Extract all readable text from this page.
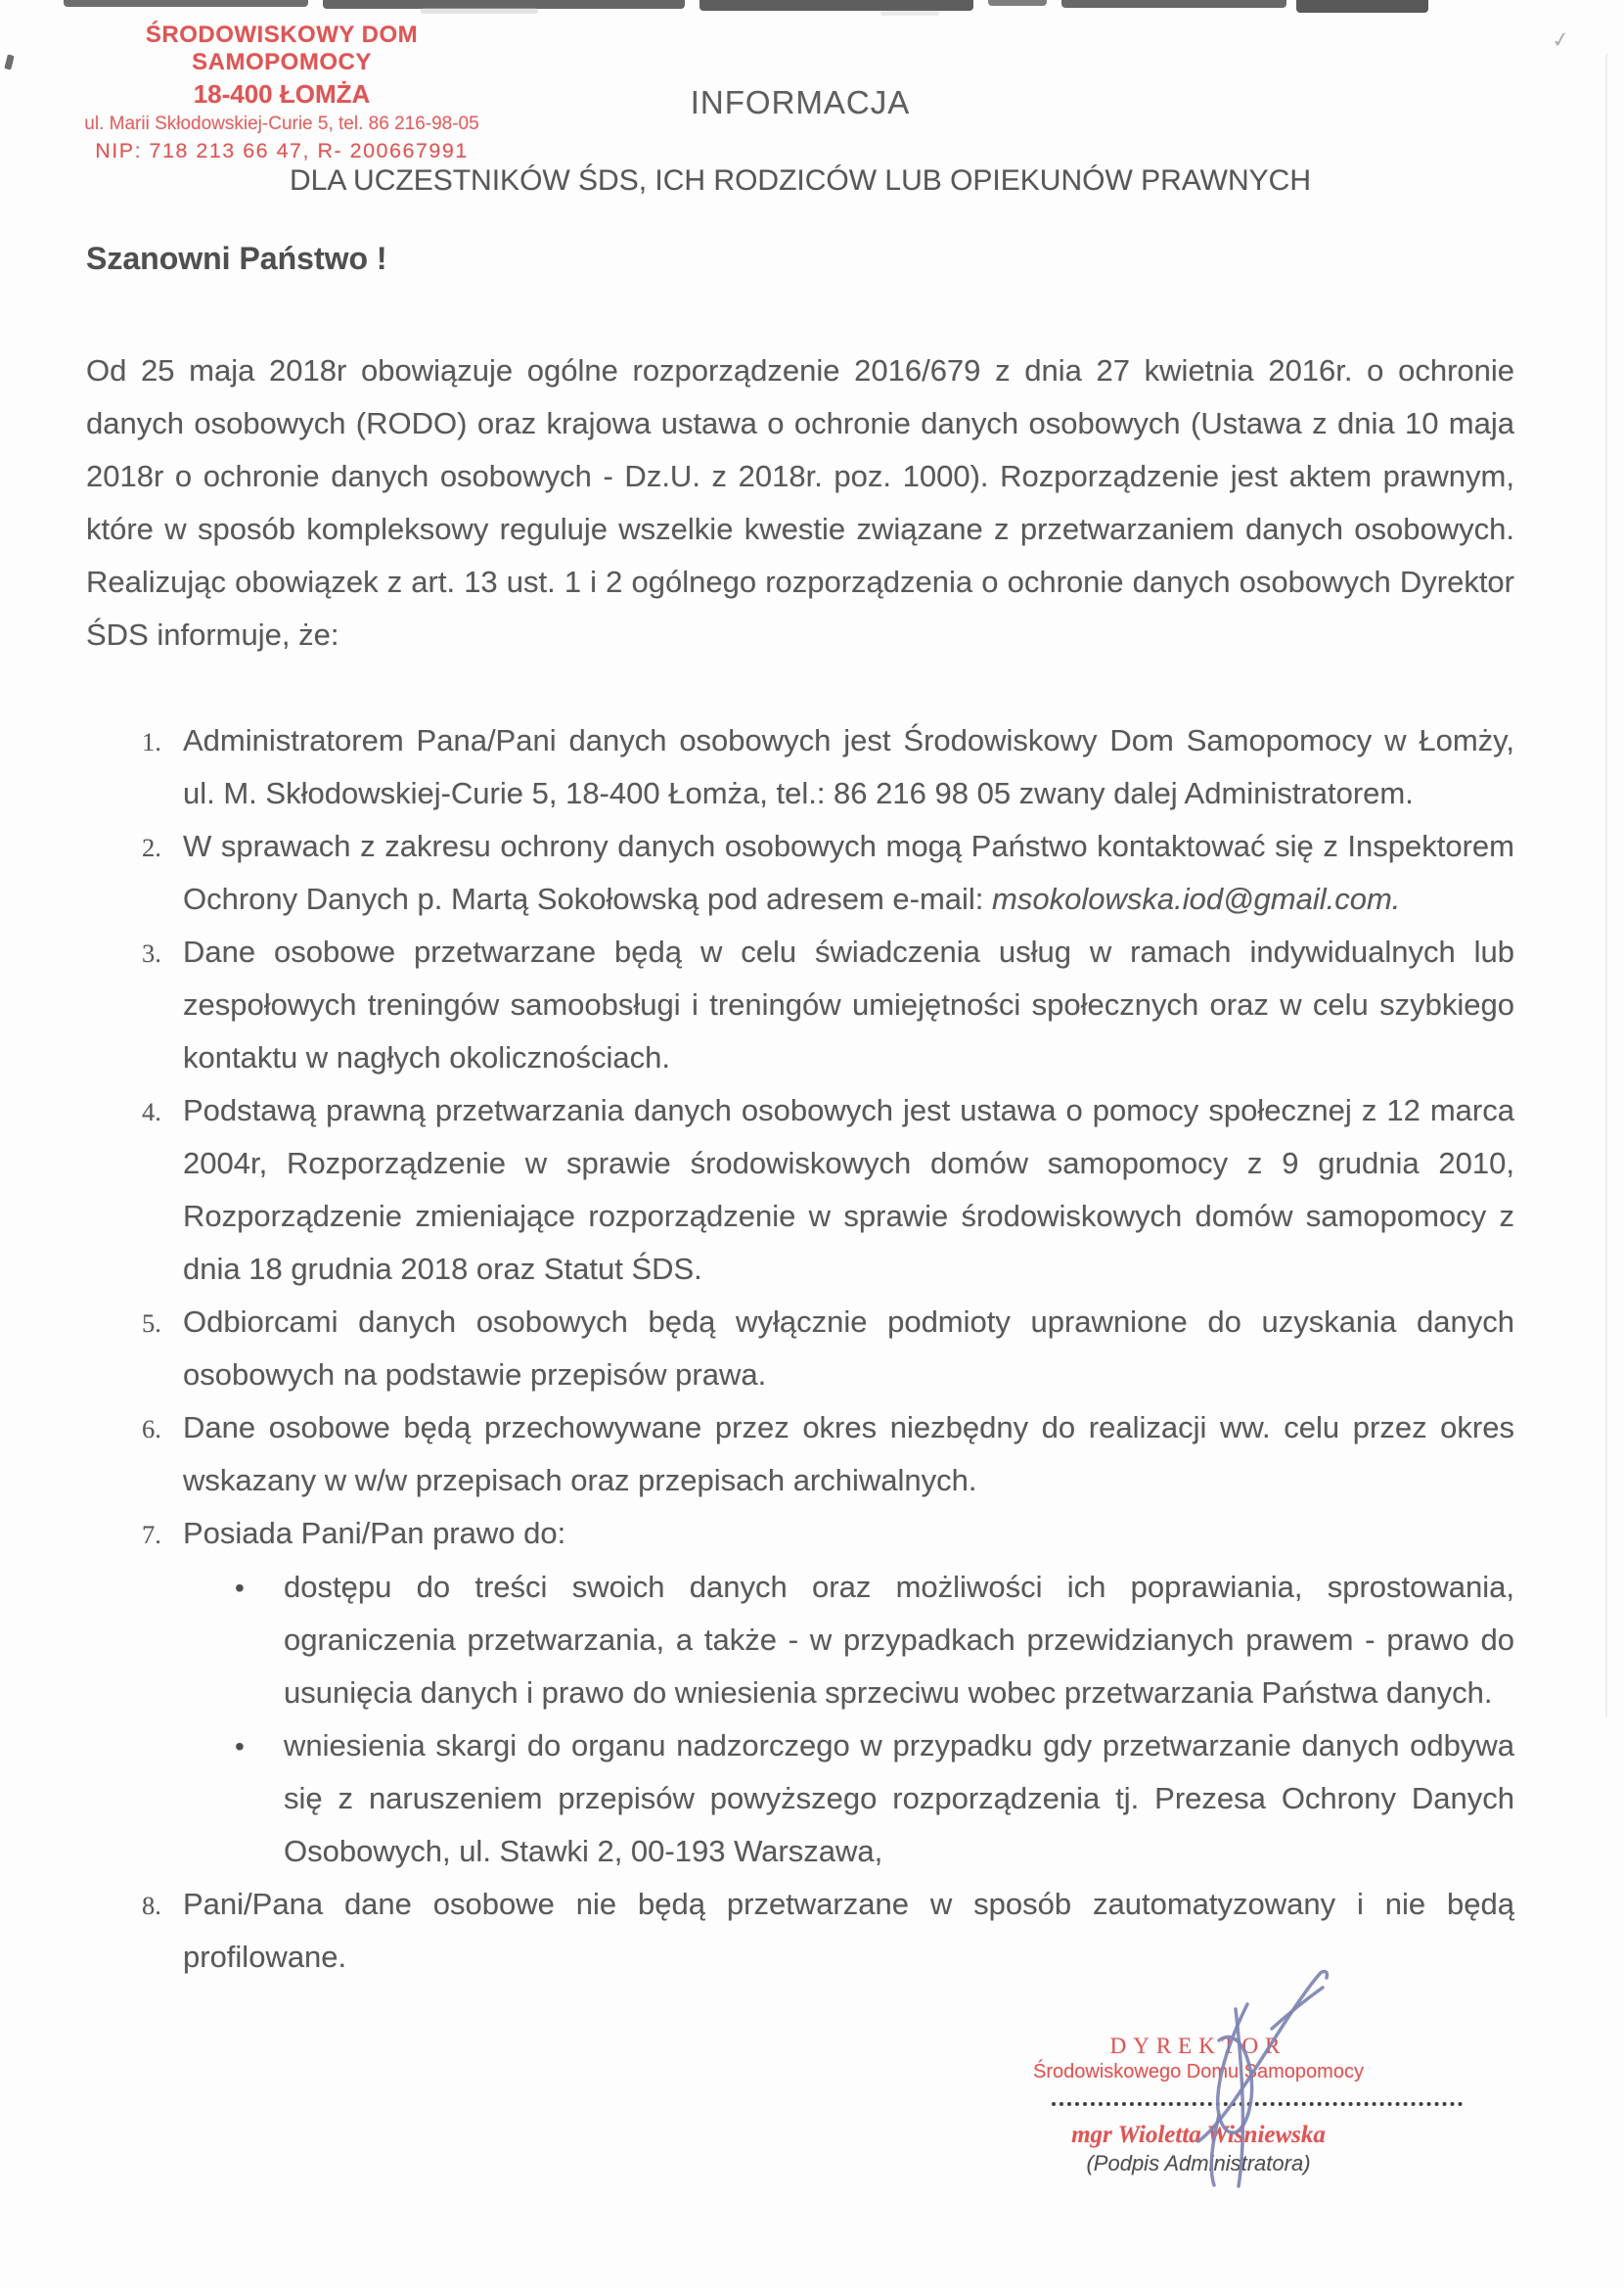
✓
ŚRODOWISKOWY DOM SAMOPOMOCY
18-400 ŁOMŻA
ul. Marii Skłodowskiej-Curie 5, tel. 86 216-98-05
NIP: 718 213 66 47, R- 200667991
INFORMACJA
DLA UCZESTNIKÓW ŚDS, ICH RODZICÓW LUB OPIEKUNÓW PRAWNYCH
Szanowni Państwo !
Od 25 maja 2018r obowiązuje ogólne rozporządzenie 2016/679 z dnia 27 kwietnia 2016r. o ochronie danych osobowych (RODO) oraz krajowa ustawa o ochronie danych osobowych (Ustawa z dnia 10 maja 2018r o ochronie danych osobowych - Dz.U. z 2018r. poz. 1000). Rozporządzenie jest aktem prawnym, które w sposób kompleksowy reguluje wszelkie kwestie związane z przetwarzaniem danych osobowych. Realizując obowiązek z art. 13 ust. 1 i 2 ogólnego rozporządzenia o ochronie danych osobowych Dyrektor ŚDS informuje, że:
1. Administratorem Pana/Pani danych osobowych jest Środowiskowy Dom Samopomocy w Łomży, ul. M. Skłodowskiej-Curie 5, 18-400 Łomża, tel.: 86 216 98 05 zwany dalej Administratorem.
2. W sprawach z zakresu ochrony danych osobowych mogą Państwo kontaktować się z Inspektorem Ochrony Danych p. Martą Sokołowską pod adresem e-mail: msokolowska.iod@gmail.com.
3. Dane osobowe przetwarzane będą w celu świadczenia usług w ramach indywidualnych lub zespołowych treningów samoobsługi i treningów umiejętności społecznych oraz w celu szybkiego kontaktu w nagłych okolicznościach.
4. Podstawą prawną przetwarzania danych osobowych jest ustawa o pomocy społecznej z 12 marca 2004r, Rozporządzenie w sprawie środowiskowych domów samopomocy z 9 grudnia 2010, Rozporządzenie zmieniające rozporządzenie w sprawie środowiskowych domów samopomocy z dnia 18 grudnia 2018 oraz Statut ŚDS.
5. Odbiorcami danych osobowych będą wyłącznie podmioty uprawnione do uzyskania danych osobowych na podstawie przepisów prawa.
6. Dane osobowe będą przechowywane przez okres niezbędny do realizacji ww. celu przez okres wskazany w w/w przepisach oraz przepisach archiwalnych.
7. Posiada Pani/Pan prawo do:
•	dostępu do treści swoich danych oraz możliwości ich poprawiania, sprostowania, ograniczenia przetwarzania, a także - w przypadkach przewidzianych prawem - prawo do usunięcia danych i prawo do wniesienia sprzeciwu wobec przetwarzania Państwa danych.
•	wniesienia skargi do organu nadzorczego w przypadku gdy przetwarzanie danych odbywa się z naruszeniem przepisów powyższego rozporządzenia tj. Prezesa Ochrony Danych Osobowych, ul. Stawki 2, 00-193 Warszawa,
8. Pani/Pana dane osobowe nie będą przetwarzane w sposób zautomatyzowany i nie będą profilowane.
DYREKTOR
Środowiskowego Domu Samopomocy
mgr Wioletta Wiśniewska
(Podpis Administratora)
